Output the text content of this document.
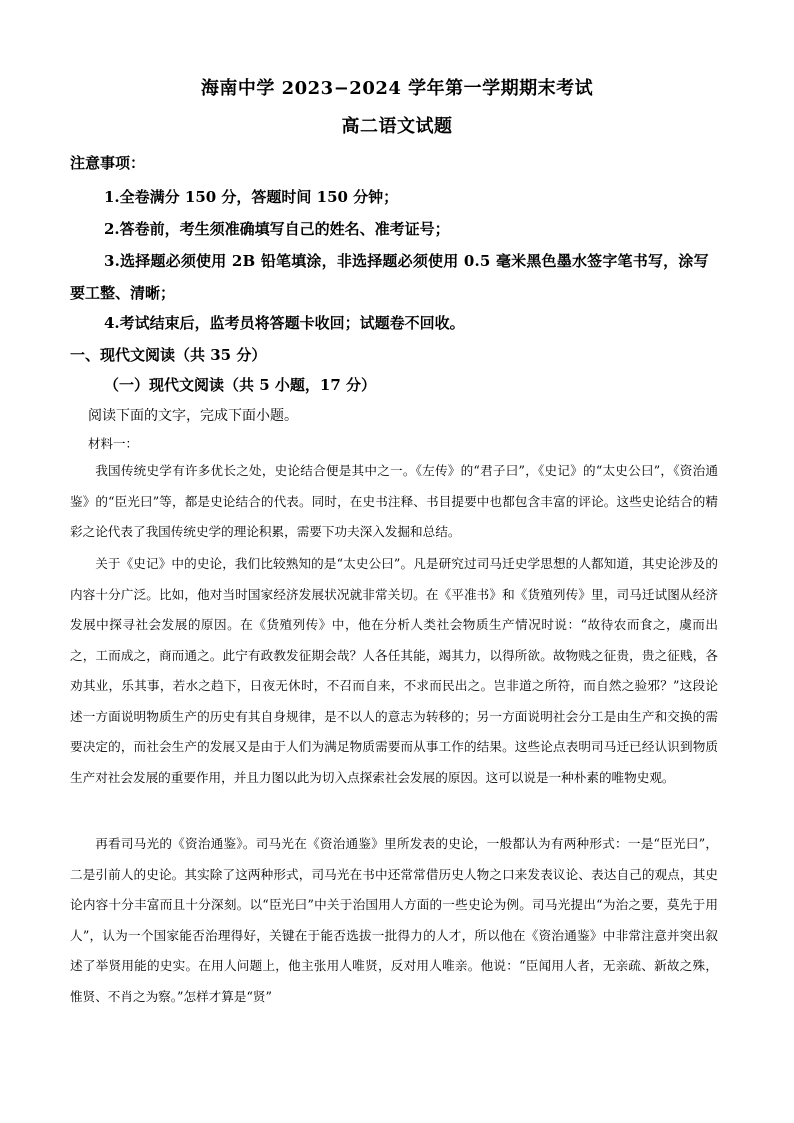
海南中学 2023−2024 学年第一学期期末考试
高二语文试题
注意事项：
1.全卷满分 150 分，答题时间 150 分钟；
2.答卷前，考生须准确填写自己的姓名、准考证号；
3.选择题必须使用 2B 铅笔填涂，非选择题必须使用 0.5 毫米黑色墨水签字笔书写，涂写
要工整、清晰；
4.考试结束后，监考员将答题卡收回；试题卷不回收。
一、现代文阅读（共 35 分）
（一）现代文阅读（共 5 小题，17 分）
阅读下面的文字，完成下面小题。
材料一：

我国传统史学有许多优长之处，史论结合便是其中之一。《左传》的“君子曰”，《史记》的“太史公曰”，《资治通鉴》的“臣光曰”等，都是史论结合的代表。同时，在史书注释、书目提要中也都包含丰富的评论。这些史论结合的精彩之论代表了我国传统史学的理论积累，需要下功夫深入发掘和总结。

关于《史记》中的史论，我们比较熟知的是“太史公曰”。凡是研究过司马迁史学思想的人都知道，其史论涉及的内容十分广泛。比如，他对当时国家经济发展状况就非常关切。在《平准书》和《货殖列传》里，司马迁试图从经济发展中探寻社会发展的原因。在《货殖列传》中，他在分析人类社会物质生产情况时说：“故待农而食之，虞而出之，工而成之，商而通之。此宁有政教发征期会哉？人各任其能，竭其力，以得所欲。故物贱之征贵，贵之征贱，各劝其业，乐其事，若水之趋下，日夜无休时，不召而自来，不求而民出之。岂非道之所符，而自然之验邪？”这段论述一方面说明物质生产的历史有其自身规律，是不以人的意志为转移的；另一方面说明社会分工是由生产和交换的需要决定的，而社会生产的发展又是由于人们为满足物质需要而从事工作的结果。这些论点表明司马迁已经认识到物质生产对社会发展的重要作用，并且力图以此为切入点探索社会发展的原因。这可以说是一种朴素的唯物史观。

再看司马光的《资治通鉴》。司马光在《资治通鉴》里所发表的史论，一般都认为有两种形式：一是“臣光曰”，二是引前人的史论。其实除了这两种形式，司马光在书中还常常借历史人物之口来发表议论、表达自己的观点，其史论内容十分丰富而且十分深刻。以“臣光曰”中关于治国用人方面的一些史论为例。司马光提出“为治之要，莫先于用人”，认为一个国家能否治理得好，关键在于能否选拔一批得力的人才，所以他在《资治通鉴》中非常注意并突出叙述了举贤用能的史实。在用人问题上，他主张用人唯贤，反对用人唯亲。他说：“臣闻用人者，无亲疏、新故之殊，惟贤、不肖之为察。”怎样才算是“贤”
